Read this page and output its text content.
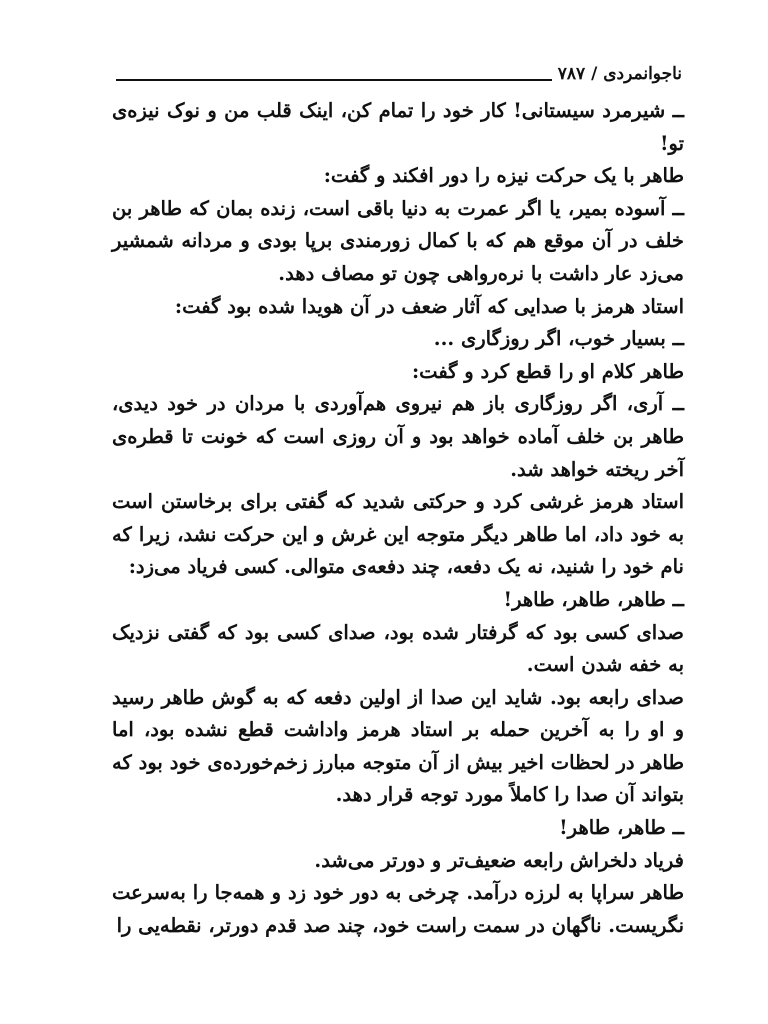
ناجوانمردی / ۷۸۷

ــ شیرمرد سیستانی! کار خود را تمام کن، اینک قلب من و نوک نیزه‌ی تو!

طاهر با یک حرکت نیزه را دور افکند و گفت:

ــ آسوده بمیر، یا اگر عمرت به دنیا باقی است، زنده بمان که طاهر بن خلف در آن موقع هم که با کمال زورمندی برپا بودی و مردانه شمشیر می‌زد عار داشت با نره‌رواهی چون تو مصاف دهد.

استاد هرمز با صدایی که آثار ضعف در آن هویدا شده بود گفت:

ــ بسیار خوب، اگر روزگاری ...

طاهر کلام او را قطع کرد و گفت:

ــ آری، اگر روزگاری باز هم نیروی هم‌آوردی با مردان در خود دیدی، طاهر بن خلف آماده خواهد بود و آن روزی است که خونت تا قطره‌ی آخر ریخته خواهد شد.

استاد هرمز غرشی کرد و حرکتی شدید که گفتی برای برخاستن است به خود داد، اما طاهر دیگر متوجه این غرش و این حرکت نشد، زیرا که نام خود را شنید، نه یک دفعه، چند دفعه‌ی متوالی. کسی فریاد می‌زد:

ــ طاهر، طاهر، طاهر!

صدای کسی بود که گرفتار شده بود، صدای کسی بود که گفتی نزدیک به خفه شدن است.

صدای رابعه بود. شاید این صدا از اولین دفعه که به گوش طاهر رسید و او را به آخرین حمله بر استاد هرمز واداشت قطع نشده بود، اما طاهر در لحظات اخیر بیش از آن متوجه مبارز زخم‌خورده‌ی خود بود که بتواند آن صدا را کاملاً مورد توجه قرار دهد.

ــ طاهر، طاهر!

فریاد دلخراش رابعه ضعیف‌تر و دورتر می‌شد.

طاهر سراپا به لرزه درآمد. چرخی به دور خود زد و همه‌جا را به‌سرعت نگریست. ناگهان در سمت راست خود، چند صد قدم دورتر، نقطه‌یی را
